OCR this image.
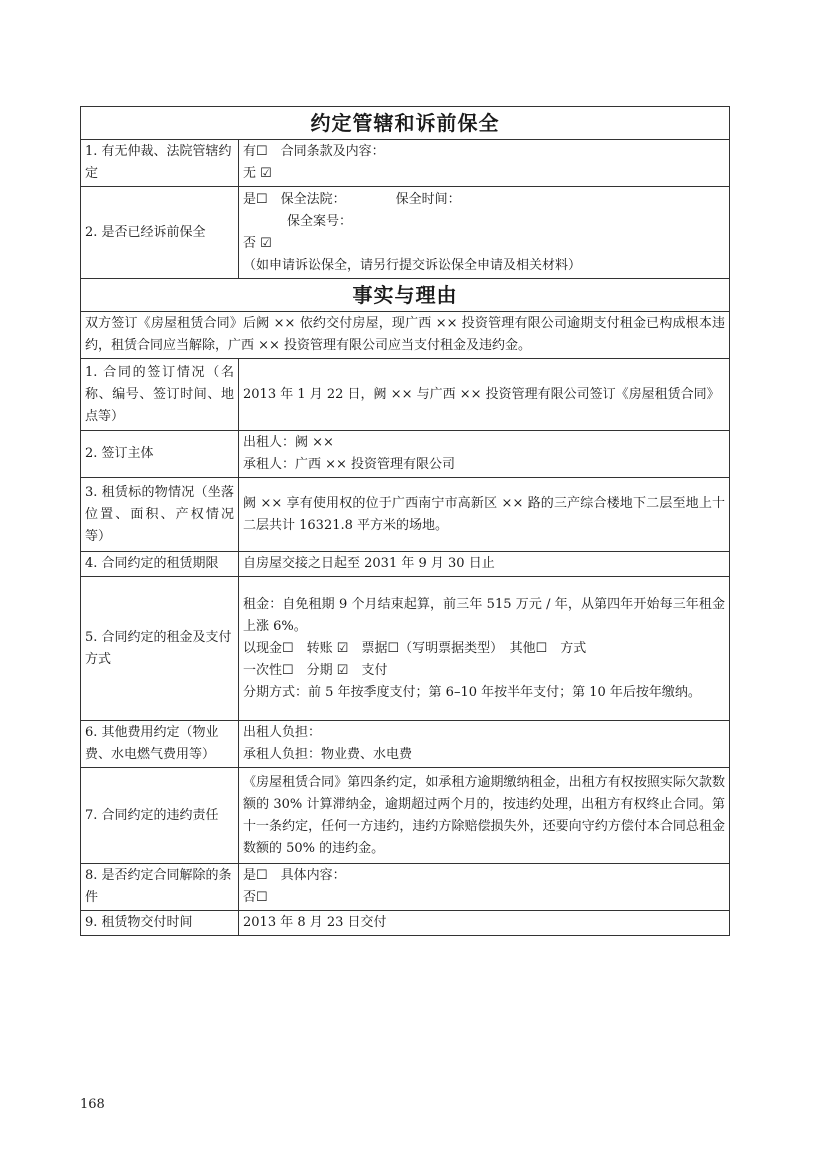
约定管辖和诉前保全	
1. 有无仲裁、法院管辖约定	有☐　合同条款及内容：
无 ☑

2. 是否已经诉前保全	是☐　保全法院： 保全时间：
保全案号：
否 ☑
（如申请诉讼保全，请另行提交诉讼保全申请及相关材料）

事实与理由	
双方签订《房屋租赁合同》后阙 ×× 依约交付房屋，现广西 ×× 投资管理有限公司逾期支付租金已构成根本违约，租赁合同应当解除，广西 ×× 投资管理有限公司应当支付租金及违约金。	
1. 合同的签订情况（名称、编号、签订时间、地点等）	2013 年 1 月 22 日，阙 ×× 与广西 ×× 投资管理有限公司签订《房屋租赁合同》
2. 签订主体	出租人：阙 ××
承租人：广西 ×× 投资管理有限公司

3. 租赁标的物情况（坐落位置、面积、产权情况等）	阙 ×× 享有使用权的位于广西南宁市高新区 ×× 路的三产综合楼地下二层至地上十二层共计 16321.8 平方米的场地。
4. 合同约定的租赁期限	自房屋交接之日起至 2031 年 9 月 30 日止
5. 合同约定的租金及支付方式	租金：自免租期 9 个月结束起算，前三年 515 万元 / 年，从第四年开始每三年租金上涨 6%。
以现金☐　转账 ☑　票据☐（写明票据类型）　其他☐　方式
一次性☐　分期 ☑　支付
分期方式：前 5 年按季度支付；第 6–10 年按半年支付；第 10 年后按年缴纳。

6. 其他费用约定（物业费、水电燃气费用等）	出租人负担：
承租人负担：物业费、水电费

7. 合同约定的违约责任	《房屋租赁合同》第四条约定，如承租方逾期缴纳租金，出租方有权按照实际欠款数额的 30% 计算滞纳金，逾期超过两个月的，按违约处理，出租方有权终止合同。第十一条约定，任何一方违约，违约方除赔偿损失外，还要向守约方偿付本合同总租金数额的 50% 的违约金。
8. 是否约定合同解除的条件	是☐　具体内容：
否☐

9. 租赁物交付时间	2013 年 8 月 23 日交付
168
